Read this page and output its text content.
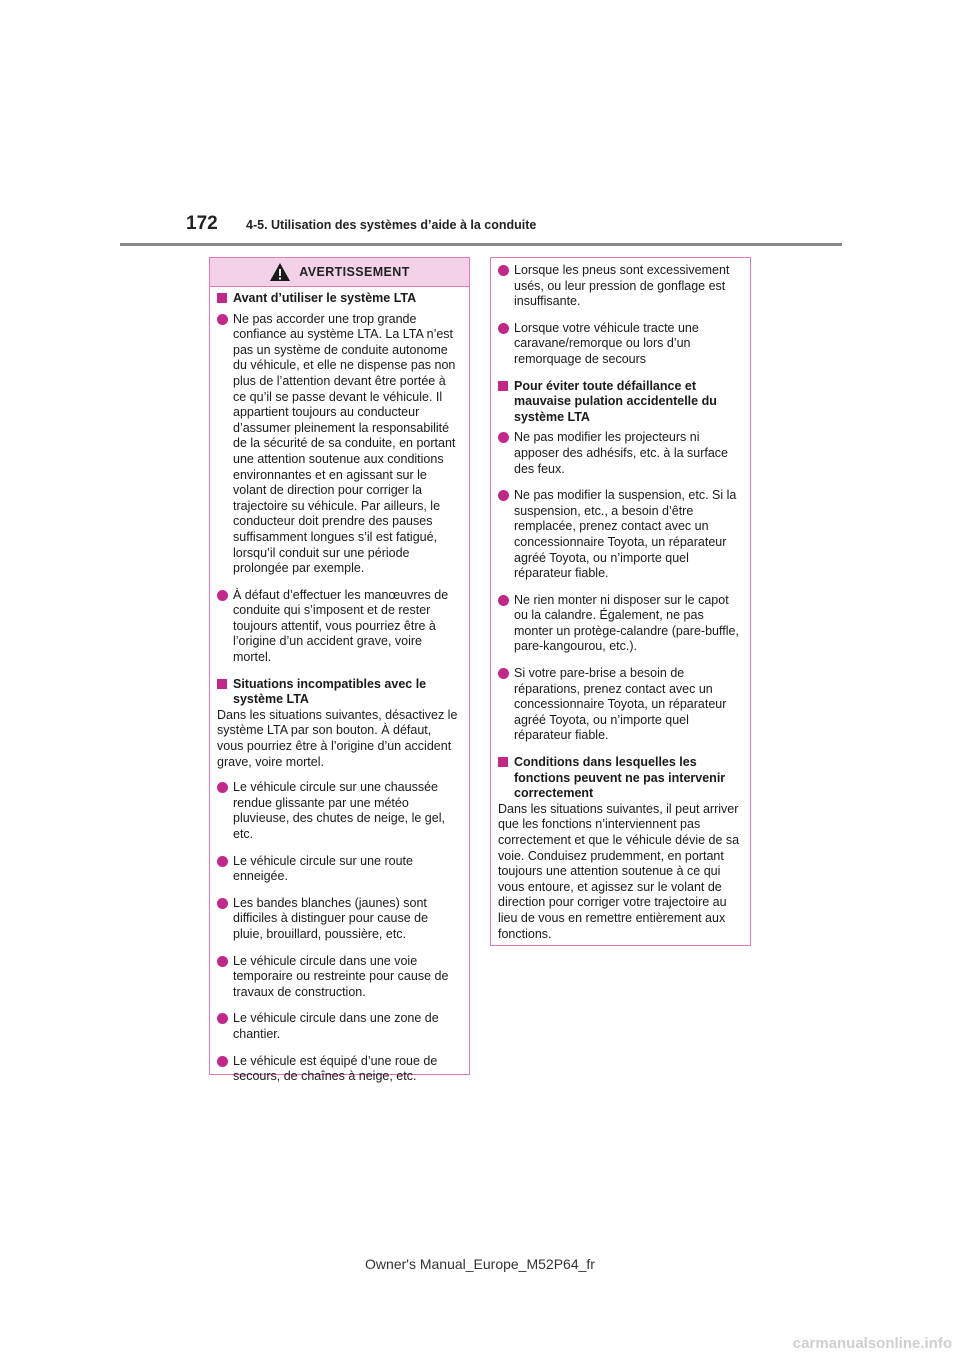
172 4-5. Utilisation des systèmes d’aide à la conduite
AVERTISSEMENT
Avant d’utiliser le système LTA
Ne pas accorder une trop grande confiance au système LTA. La LTA n’est pas un système de conduite autonome du véhicule, et elle ne dispense pas non plus de l’attention devant être portée à ce qu’il se passe devant le véhicule. Il appartient toujours au conducteur d’assumer pleinement la responsabilité de la sécurité de sa conduite, en portant une attention soutenue aux conditions environnantes et en agissant sur le volant de direction pour corriger la trajectoire su véhicule. Par ailleurs, le conducteur doit prendre des pauses suffisamment longues s’il est fatigué, lorsqu’il conduit sur une période prolongée par exemple.
À défaut d’effectuer les manœuvres de conduite qui s’imposent et de rester toujours attentif, vous pourriez être à l’origine d’un accident grave, voire mortel.
Situations incompatibles avec le système LTA
Dans les situations suivantes, désactivez le système LTA par son bouton. À défaut, vous pourriez être à l’origine d’un accident grave, voire mortel.
Le véhicule circule sur une chaussée rendue glissante par une météo pluvieuse, des chutes de neige, le gel, etc.
Le véhicule circule sur une route enneigée.
Les bandes blanches (jaunes) sont difficiles à distinguer pour cause de pluie, brouillard, poussière, etc.
Le véhicule circule dans une voie temporaire ou restreinte pour cause de travaux de construction.
Le véhicule circule dans une zone de chantier.
Le véhicule est équipé d’une roue de secours, de chaînes à neige, etc.
Lorsque les pneus sont excessivement usés, ou leur pression de gonflage est insuffisante.
Lorsque votre véhicule tracte une caravane/remorque ou lors d’un remorquage de secours
Pour éviter toute défaillance et mauvaise pulation accidentelle du système LTA
Ne pas modifier les projecteurs ni apposer des adhésifs, etc. à la surface des feux.
Ne pas modifier la suspension, etc. Si la suspension, etc., a besoin d’être remplacée, prenez contact avec un concessionnaire Toyota, un réparateur agréé Toyota, ou n’importe quel réparateur fiable.
Ne rien monter ni disposer sur le capot ou la calandre. Également, ne pas monter un protège-calandre (pare-buffle, pare-kangourou, etc.).
Si votre pare-brise a besoin de réparations, prenez contact avec un concessionnaire Toyota, un réparateur agréé Toyota, ou n’importe quel réparateur fiable.
Conditions dans lesquelles les fonctions peuvent ne pas intervenir correctement
Dans les situations suivantes, il peut arriver que les fonctions n’interviennent pas correctement et que le véhicule dévie de sa voie. Conduisez prudemment, en portant toujours une attention soutenue à ce qui vous entoure, et agissez sur le volant de direction pour corriger votre trajectoire au lieu de vous en remettre entièrement aux fonctions.
Owner's Manual_Europe_M52P64_fr
carmanualsonline.info
